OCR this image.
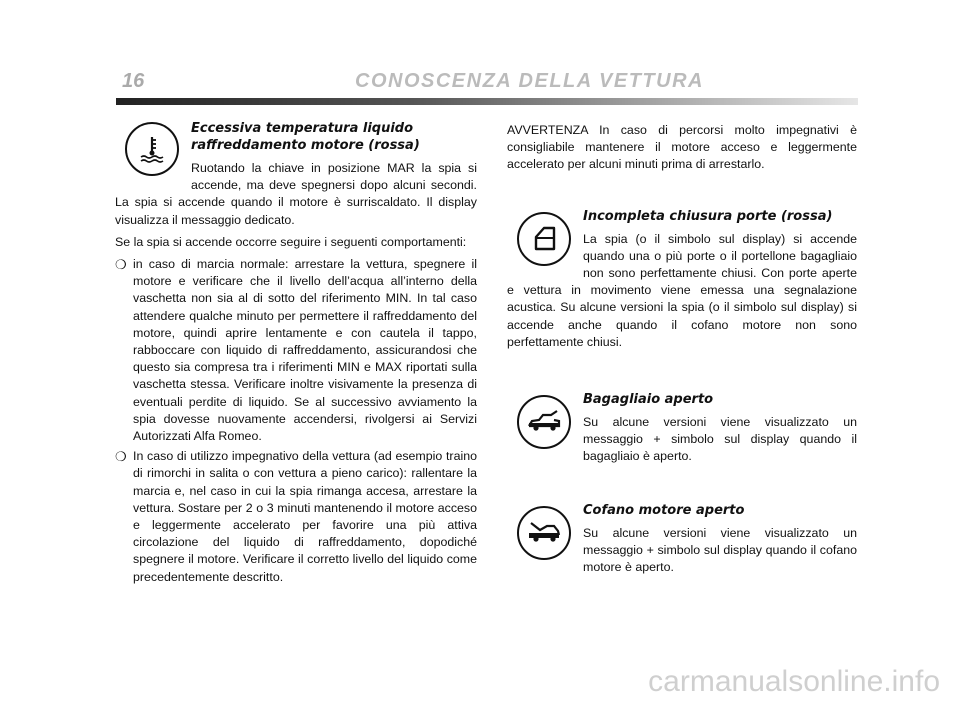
16	CONOSCENZA DELLA VETTURA
Eccessiva temperatura liquido
raffreddamento motore (rossa)

Ruotando la chiave in posizione MAR la spia si accende, ma deve spegnersi dopo alcuni secondi. La spia si accende quando il motore è surriscaldato. Il display visualizza il messaggio dedicato.

Se la spia si accende occorre seguire i seguenti comportamenti:

❍ in caso di marcia normale: arrestare la vettura, spegnere il motore e verificare che il livello dell’acqua all’interno della vaschetta non sia al di sotto del riferimento MIN. In tal caso attendere qualche minuto per permettere il raffreddamento del motore, quindi aprire lentamente e con cautela il tappo, rabboccare con liquido di raffreddamento, assicurandosi che questo sia compresa tra i riferimenti MIN e MAX riportati sulla vaschetta stessa. Verificare inoltre visivamente la presenza di eventuali perdite di liquido. Se al successivo avviamento la spia dovesse nuovamente accendersi, rivolgersi ai Servizi Autorizzati Alfa Romeo.
❍ In caso di utilizzo impegnativo della vettura (ad esempio traino di rimorchi in salita o con vettura a pieno carico): rallentare la marcia e, nel caso in cui la spia rimanga accesa, arrestare la vettura. Sostare per 2 o 3 minuti mantenendo il motore acceso e leggermente accelerato per favorire una più attiva circolazione del liquido di raffreddamento, dopodiché spegnere il motore. Verificare il corretto livello del liquido come precedentemente descritto.

AVVERTENZA In caso di percorsi molto impegnativi è consigliabile mantenere il motore acceso e leggermente accelerato per alcuni minuti prima di arrestarlo.

Incompleta chiusura porte (rossa)

La spia (o il simbolo sul display) si accende quando una o più porte o il portellone bagagliaio non sono perfettamente chiusi. Con porte aperte e vettura in movimento viene emessa una segnalazione acustica. Su alcune versioni la spia (o il simbolo sul display) si accende anche quando il cofano motore non sono perfettamente chiusi.

Bagagliaio aperto

Su alcune versioni viene visualizzato un messaggio + simbolo sul display quando il bagagliaio è aperto.

Cofano motore aperto

Su alcune versioni viene visualizzato un messaggio + simbolo sul display quando il cofano motore è aperto.

carmanualsonline.info
